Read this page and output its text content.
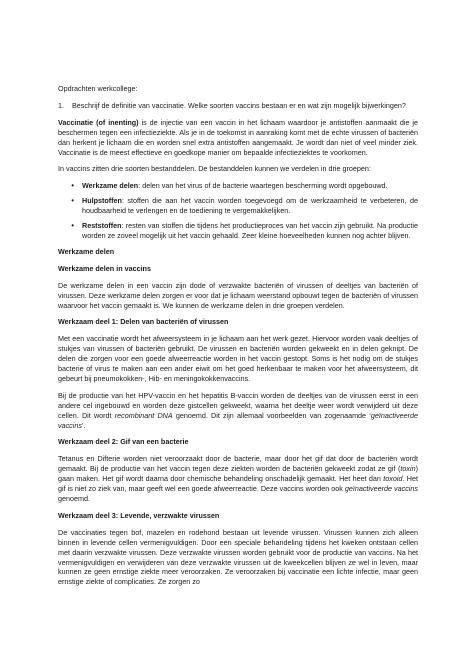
Opdrachten werkcollege:

1.	Beschrijf de definitie van vaccinatie. Welke soorten vaccins bestaan er en wat zijn mogelijk bijwerkingen?

Vaccinatie (of inenting) is de injectie van een vaccin in het lichaam waardoor je antistoffen aanmaakt die je beschermen tegen een infectieziekte. Als je in de toekomst in aanraking komt met de echte virussen of bacteriën dan herkent je lichaam die en worden snel extra antistoffen aangemaakt. Je wordt dan niet of veel minder ziek. Vaccinatie is de meest effectieve en goedkope manier om bepaalde infectieziektes te voorkomen.

In vaccins zitten drie soorten bestanddelen. De bestanddelen kunnen we verdelen in drie groepen:

•	Werkzame delen: delen van het virus of de bacterie waartegen bescherming wordt opgebouwd.
•	Hulpstoffen: stoffen die aan het vaccin worden toegevoegd om de werkzaamheid te verbeteren, de houdbaarheid te verlengen en de toediening te vergemakkelijken.
•	Reststoffen: resten van stoffen die tijdens het productieproces van het vaccin zijn gebruikt. Na productie worden ze zoveel mogelijk uit het vaccin gehaald. Zeer kleine hoeveelheden kunnen nog achter blijven.

Werkzame delen

Werkzame delen in vaccins

De werkzame delen in een vaccin zijn dode of verzwakte bacteriën of virussen of deeltjes van bacteriën of virussen. Deze werkzame delen zorgen er voor dat je lichaam weerstand opbouwt tegen de bacteriën of virussen waarvoor het vaccin gemaakt is. We kunnen de werkzame delen in drie groepen verdelen.

Werkzaam deel 1: Delen van bacteriën of virussen

Met een vaccinatie wordt het afweersysteem in je lichaam aan het werk gezet. Hiervoor worden vaak deeltjes of stukjes van virussen of bacteriën gebruikt. De virussen en bacteriën worden gekweekt en in delen geknipt. De delen die zorgen voor een goede afweerreactie worden in het vaccin gestopt. Soms is het nodig om de stukjes bacterie of virus te maken aan een ander eiwit om het goed herkenbaar te maken voor het afweersysteem, dit gebeurt bij pneumokokken-, Hib- en meningokokkenvaccins.

Bij de productie van het HPV-vaccin en het hepatitis B-vaccin worden de deeltjes van de virussen eerst in een andere cel ingebouwd en worden deze gistcellen gekweekt, waarna het deeltje weer wordt verwijderd uit deze cellen. Dit wordt recombinant DNA genoemd. Dit zijn allemaal voorbeelden van zogenaamde ‘geïnactiveerde vaccins’.

Werkzaam deel 2: Gif van een bacterie

Tetanus en Difterie worden niet veroorzaakt door de bacterie, maar door het gif dat door de bacteriën wordt gemaakt. Bij de productie van het vaccin tegen deze ziekten worden de bacteriën gekweekt zodat ze gif (toxin) gaan maken. Het gif wordt daarna door chemische behandeling onschadelijk gemaakt. Het heet dan toxoid. Het gif is niet zo ziek van, maar geeft wel een goede afweerreactie. Deze vaccins worden ook geïnactiveerde vaccins genoemd.

Werkzaam deel 3: Levende, verzwakte virussen

De vaccinaties tegen bof, mazelen en rodehond bestaan uit levende virussen. Virussen kunnen zich alleen binnen in levende cellen vermenigvuldigen. Door een speciale behandeling tijdens het kweken ontstaan cellen met daarin verzwakte virussen. Deze verzwakte virussen worden gebruikt voor de productie van vaccins. Na het vermenigvuldigen en verwijderen van deze verzwakte virussen uit de kweekcellen blijven ze wel in leven, maar kunnen ze geen ernstige ziekte meer veroorzaken. Ze veroorzaken bij vaccinatie een lichte infectie, maar geen ernstige ziekte of complicaties. Ze zorgen zo
